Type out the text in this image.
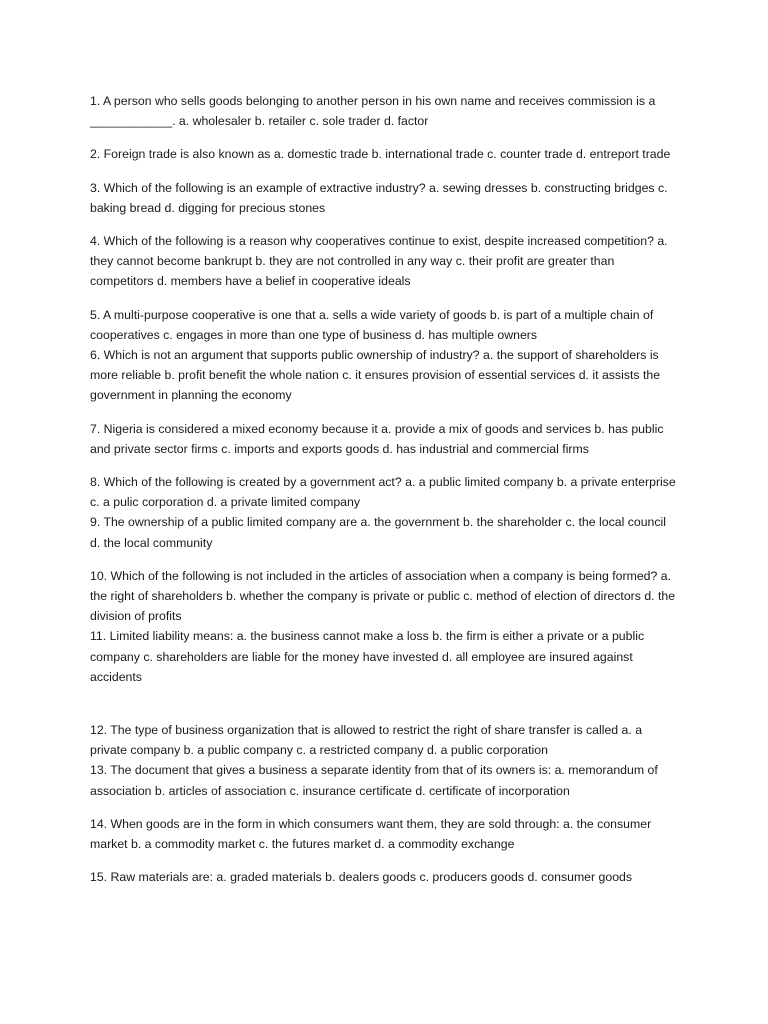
1. A person who sells goods belonging to another person in his own name and receives commission is a ____________. a. wholesaler b. retailer c. sole trader d. factor

2. Foreign trade is also known as a. domestic trade b. international trade c. counter trade d. entreport trade

3. Which of the following is an example of extractive industry? a. sewing dresses b. constructing bridges c. baking bread d. digging for precious stones

4. Which of the following is a reason why cooperatives continue to exist, despite increased competition? a. they cannot become bankrupt b. they are not controlled in any way c. their profit are greater than competitors d. members have a belief in cooperative ideals

5. A multi-purpose cooperative is one that a. sells a wide variety of goods b. is part of a multiple chain of cooperatives c. engages in more than one type of business d. has multiple owners

6. Which is not an argument that supports public ownership of industry? a. the support of shareholders is more reliable b. profit benefit the whole nation c. it ensures provision of essential services d. it assists the government in planning the economy

7. Nigeria is considered a mixed economy because it a. provide a mix of goods and services b. has public and private sector firms c. imports and exports goods d. has industrial and commercial firms

8. Which of the following is created by a government act? a. a public limited company b. a private enterprise c. a pulic corporation d. a private limited company

9. The ownership of a public limited company are a. the government b. the shareholder c. the local council d. the local community

10. Which of the following is not included in the articles of association when a company is being formed? a. the right of shareholders b. whether the company is private or public c. method of election of directors d. the division of profits

11. Limited liability means: a. the business cannot make a loss b. the firm is either a private or a public company c. shareholders are liable for the money have invested d. all employee are insured against accidents

12. The type of business organization that is allowed to restrict the right of share transfer is called a. a private company b. a public company c. a restricted company d. a public corporation

13. The document that gives a business a separate identity from that of its owners is: a. memorandum of association b. articles of association c. insurance certificate d. certificate of incorporation

14. When goods are in the form in which consumers want them, they are sold through: a. the consumer market b. a commodity market c. the futures market d. a commodity exchange

15. Raw materials are: a. graded materials b. dealers goods c. producers goods d. consumer goods
